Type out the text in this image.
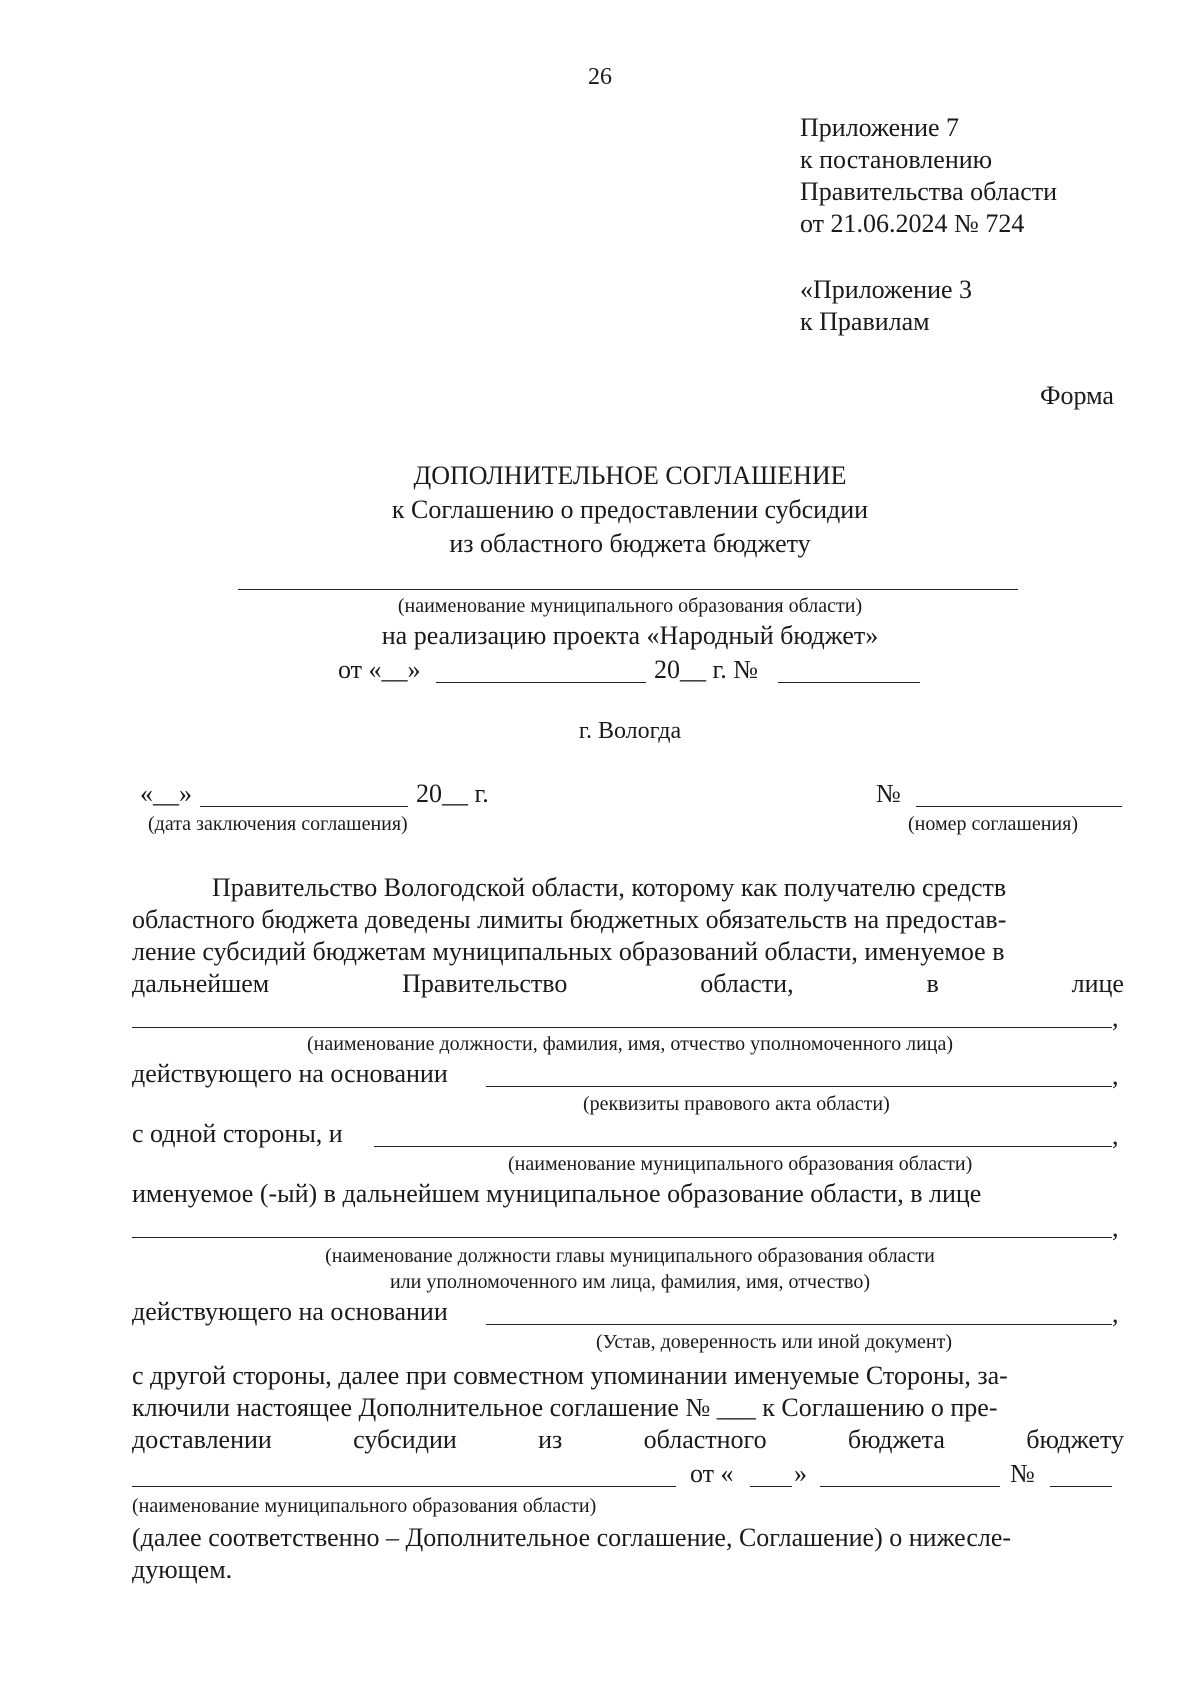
26
Приложение 7
к постановлению
Правительства области
от 21.06.2024 № 724
«Приложение 3
к Правилам
Форма
ДОПОЛНИТЕЛЬНОЕ СОГЛАШЕНИЕ
к Соглашению о предоставлении субсидии
из областного бюджета бюджету
(наименование муниципального образования области)
на реализацию проекта «Народный бюджет»
от «__»	20__ г. №
г. Вологда
«__»	20__ г.
(дата заключения соглашения)
№
(номер соглашения)
Правительство Вологодской области, которому как получателю средств
областного бюджета доведены лимиты бюджетных обязательств на предостав-
ление субсидий бюджетам муниципальных образований области, именуемое в
дальнейшем	Правительство	области,	в	лице
,
(наименование должности, фамилия, имя, отчество уполномоченного лица)
действующего на основании	,
(реквизиты правового акта области)
с одной стороны, и	,
(наименование муниципального образования области)
именуемое (-ый) в дальнейшем муниципальное образование области, в лице
,
(наименование должности главы муниципального образования области
или уполномоченного им лица, фамилия, имя, отчество)
действующего на основании	,
(Устав, доверенность или иной документ)
с другой стороны, далее при совместном упоминании именуемые Стороны, за-
ключили настоящее Дополнительное соглашение № ___ к Соглашению о пре-
доставлении	субсидии	из	областного	бюджета	бюджету
от « »	№
(наименование муниципального образования области)
(далее соответственно – Дополнительное соглашение, Соглашение) о нижесле-
дующем.
